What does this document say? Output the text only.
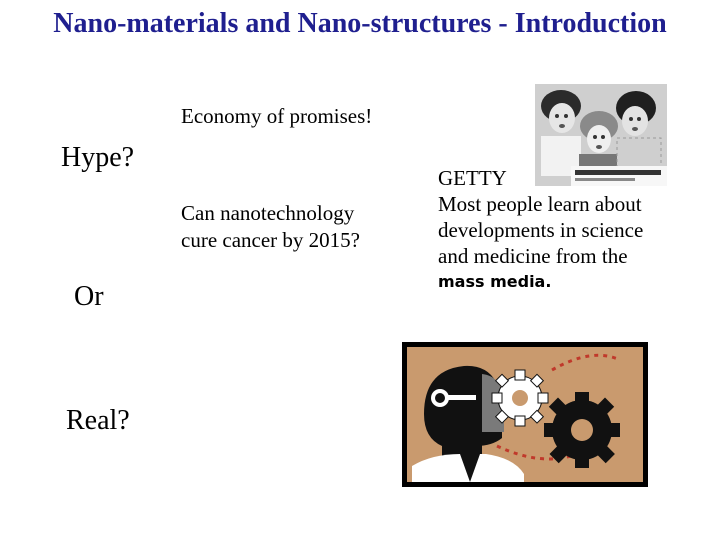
Nano-materials and Nano-structures - Introduction
Economy of promises!
Hype?
Can nanotechnology
cure cancer by 2015?
Or
Real?
GETTY
Most people learn about
developments in science
and medicine from the
mass media.
